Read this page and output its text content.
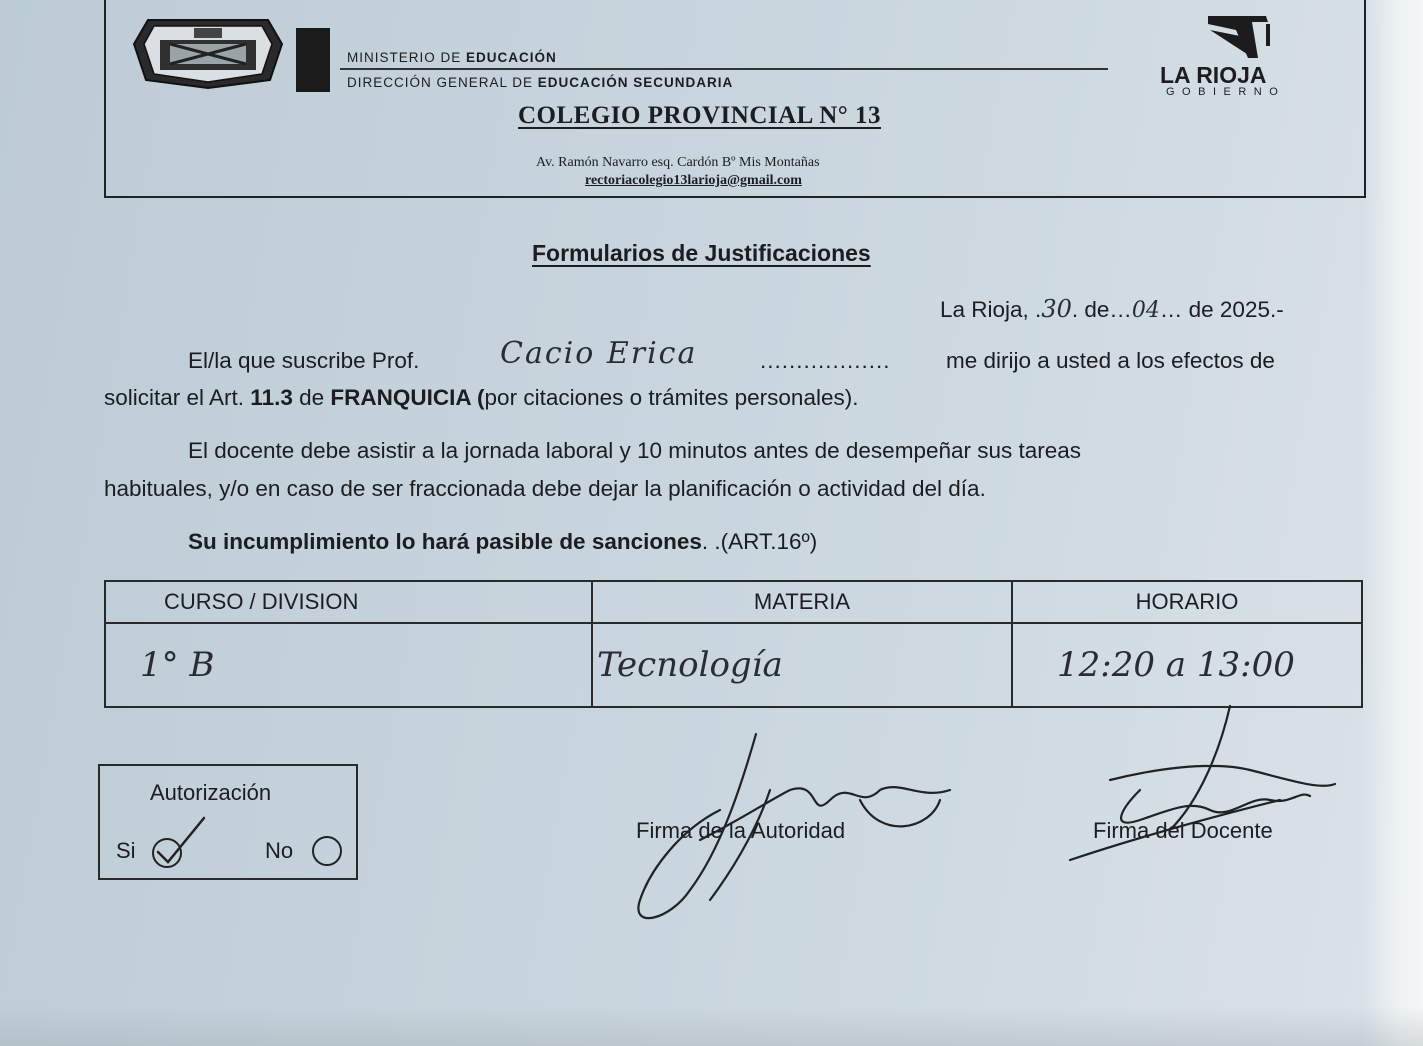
MINISTERIO DE EDUCACIÓN
DIRECCIÓN GENERAL DE EDUCACIÓN SECUNDARIA
COLEGIO PROVINCIAL N° 13
Av. Ramón Navarro esq. Cardón Bº Mis Montañas
rectoriacolegio13larioja@gmail.com
LA RIOJA
GOBIERNO
Formularios de Justificaciones
La Rioja, .30. de…04… de 2025.-
El/la que suscribe Prof.	Cacio Erica	.................. me dirijo a usted a los efectos de
solicitar el Art. 11.3 de FRANQUICIA (por citaciones o trámites personales).
El docente debe asistir a la jornada laboral y 10 minutos antes de desempeñar sus tareas
habituales, y/o en caso de ser fraccionada debe dejar la planificación o actividad del día.
Su incumplimiento lo hará pasible de sanciones. .(ART.16º)
CURSO / DIVISION	MATERIA	HORARIO
1° B	Tecnología	12:20 a 13:00
Autorización
Si	No
Firma de la Autoridad	Firma del Docente
